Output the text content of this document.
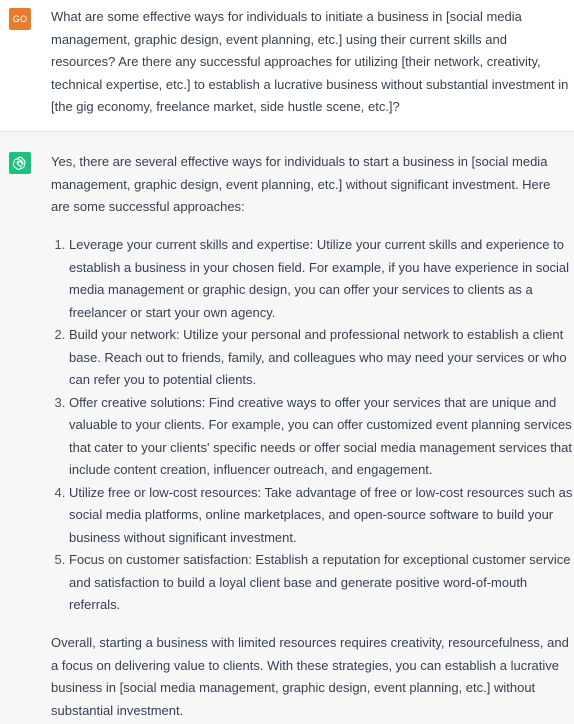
GO What are some effective ways for individuals to initiate a business in [social media management, graphic design, event planning, etc.] using their current skills and resources? Are there any successful approaches for utilizing [their network, creativity, technical expertise, etc.] to establish a lucrative business without substantial investment in [the gig economy, freelance market, side hustle scene, etc.]?

Yes, there are several effective ways for individuals to start a business in [social media management, graphic design, event planning, etc.] without significant investment. Here are some successful approaches:

1. Leverage your current skills and expertise: Utilize your current skills and experience to establish a business in your chosen field. For example, if you have experience in social media management or graphic design, you can offer your services to clients as a freelancer or start your own agency.
2. Build your network: Utilize your personal and professional network to establish a client base. Reach out to friends, family, and colleagues who may need your services or who can refer you to potential clients.
3. Offer creative solutions: Find creative ways to offer your services that are unique and valuable to your clients. For example, you can offer customized event planning services that cater to your clients' specific needs or offer social media management services that include content creation, influencer outreach, and engagement.
4. Utilize free or low-cost resources: Take advantage of free or low-cost resources such as social media platforms, online marketplaces, and open-source software to build your business without significant investment.
5. Focus on customer satisfaction: Establish a reputation for exceptional customer service and satisfaction to build a loyal client base and generate positive word-of-mouth referrals.

Overall, starting a business with limited resources requires creativity, resourcefulness, and a focus on delivering value to clients. With these strategies, you can establish a lucrative business in [social media management, graphic design, event planning, etc.] without substantial investment.
